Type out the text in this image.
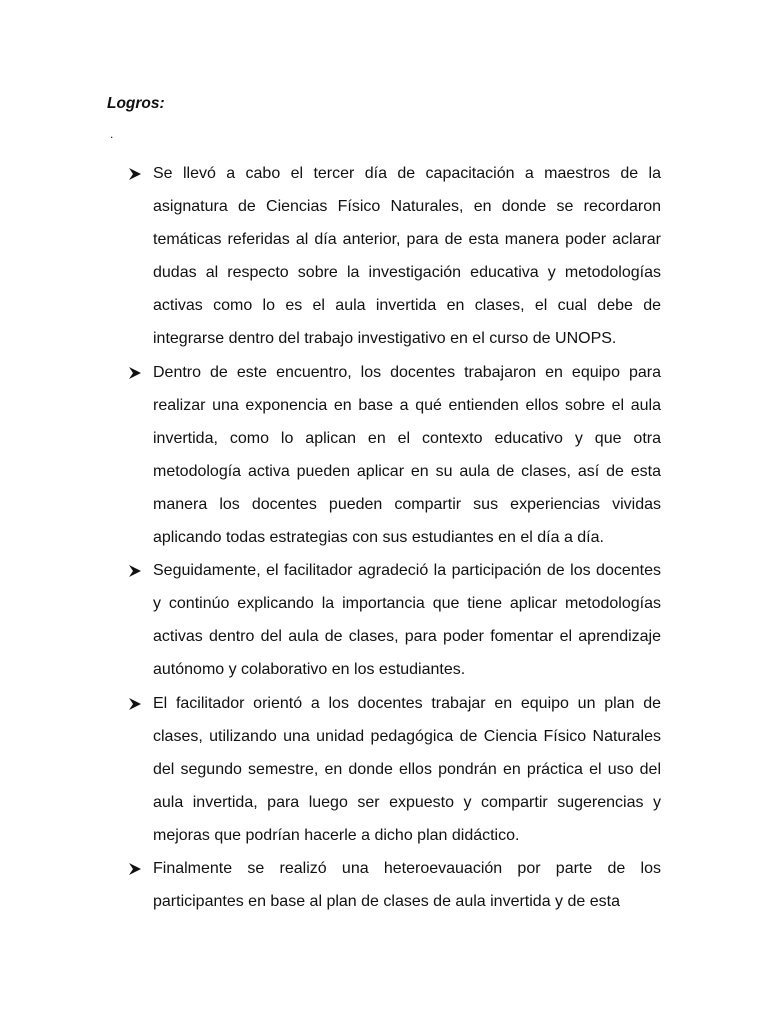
Logros:
.
Se llevó a cabo el tercer día de capacitación a maestros de la asignatura de Ciencias Físico Naturales, en donde se recordaron temáticas referidas al día anterior, para de esta manera poder aclarar dudas al respecto sobre la investigación educativa y metodologías activas como lo es el aula invertida en clases, el cual debe de integrarse dentro del trabajo investigativo en el curso de UNOPS.
Dentro de este encuentro, los docentes trabajaron en equipo para realizar una exponencia en base a qué entienden ellos sobre el aula invertida, como lo aplican en el contexto educativo y que otra metodología activa pueden aplicar en su aula de clases, así de esta manera los docentes pueden compartir sus experiencias vividas aplicando todas estrategias con sus estudiantes en el día a día.
Seguidamente, el facilitador agradeció la participación de los docentes y continúo explicando la importancia que tiene aplicar metodologías activas dentro del aula de clases, para poder fomentar el aprendizaje autónomo y colaborativo en los estudiantes.
El facilitador orientó a los docentes trabajar en equipo un plan de clases, utilizando una unidad pedagógica de Ciencia Físico Naturales del segundo semestre, en donde ellos pondrán en práctica el uso del aula invertida, para luego ser expuesto y compartir sugerencias y mejoras que podrían hacerle a dicho plan didáctico.
Finalmente se realizó una heteroevauación por parte de los participantes en base al plan de clases de aula invertida y de esta
